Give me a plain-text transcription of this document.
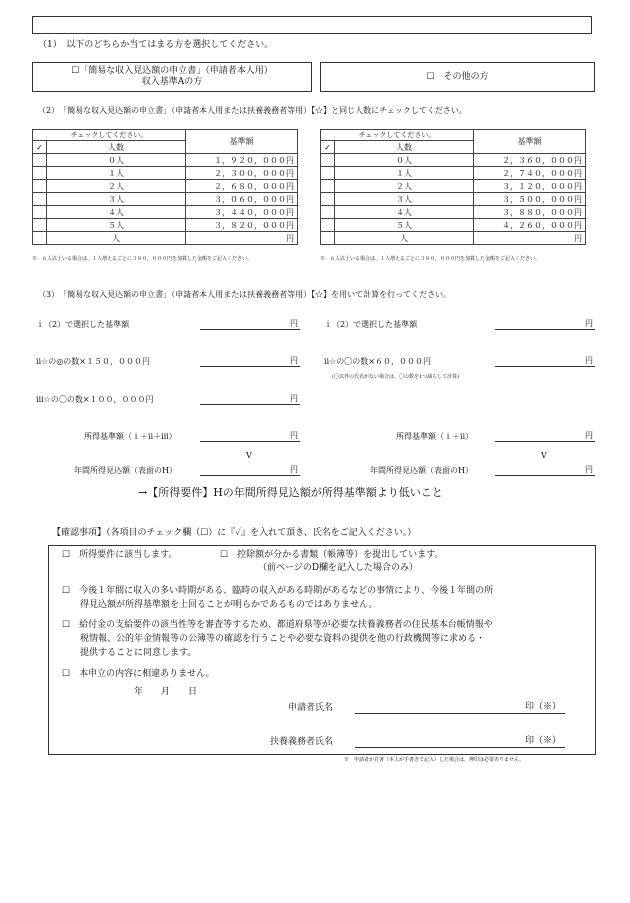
（1）　以下のどちらか当てはまる方を選択してください。
☐「簡易な収入見込額の申立書」（申請者本人用）
収入基準Aの方
☐　その他の方
（2）　「簡易な収入見込額の申立書」（申請者本人用または扶養義務者等用）【☆】と同じ人数にチェックしてください。
チェックしてください。		基準額
✓	人数	
	０人	１，９２０，０００円
	１人	２，３００，０００円
	２人	２，６８０，０００円
	３人	３，０６０，０００円
	４人	３，４４０，０００円
	５人	３，８２０，０００円
	人	円
チェックしてください。		基準額
✓	人数	
	０人	２，３６０，０００円
	１人	２，７４０，０００円
	２人	３，１２０，０００円
	３人	３，５００，０００円
	４人	３，８８０，０００円
	５人	４，２６０，０００円
	人	円
※　６人以上いる場合は、１人増えるごとに３８０，０００円を加算した金額をご記入ください。	※　６人以上いる場合は、１人増えるごとに３８０，０００円を加算した金額をご記入ください。
（3）　「簡易な収入見込額の申立書」（申請者本人用または扶養義務者等用）【☆】を用いて計算を行ってください。
ｉ（2）で選択した基準額	円
ⅱ☆の◎の数×１５０，０００円	円
ⅲ☆の〇の数×１００，０００円	円
所得基準額（ｉ＋ⅱ＋ⅲ）	円
V
年間所得見込額（表面のH）	円
ｉ（2）で選択した基準額	円
ⅱ☆の〇の数×６０，０００円	円
(〇以外の氏名がない場合は、〇の数を1つ減らして計算)
所得基準額（ｉ＋ⅱ）	円
V
年間所得見込額（表面のH）	円
→【所得要件】Hの年間所得見込額が所得基準額より低いこと
【確認事項】（各項目のチェック欄（☐）に『✓』を入れて頂き、氏名をご記入ください。）
☐　所得要件に該当します。	☐　控除額が分かる書類（帳簿等）を提出しています。
（前ページのD欄を記入した場合のみ）
☐　今後１年間に収入の多い時期がある、臨時の収入がある時期があるなどの事情により、今後１年間の所
得見込額が所得基準額を上回ることが明らかであるものではありません。
☐　給付金の支給要件の該当性等を審査等するため、都道府県等が必要な扶養義務者の住民基本台帳情報や
税情報、公的年金情報等の公簿等の確認を行うことや必要な資料の提供を他の行政機関等に求める・
提供することに同意します。
☐　本申立の内容に相違ありません。
年　　月　　日
申請者氏名	印（※）
扶養義務者氏名	印（※）
※　申請者が自署（本人が手書きで記入）した場合は、押印は必要ありません。
